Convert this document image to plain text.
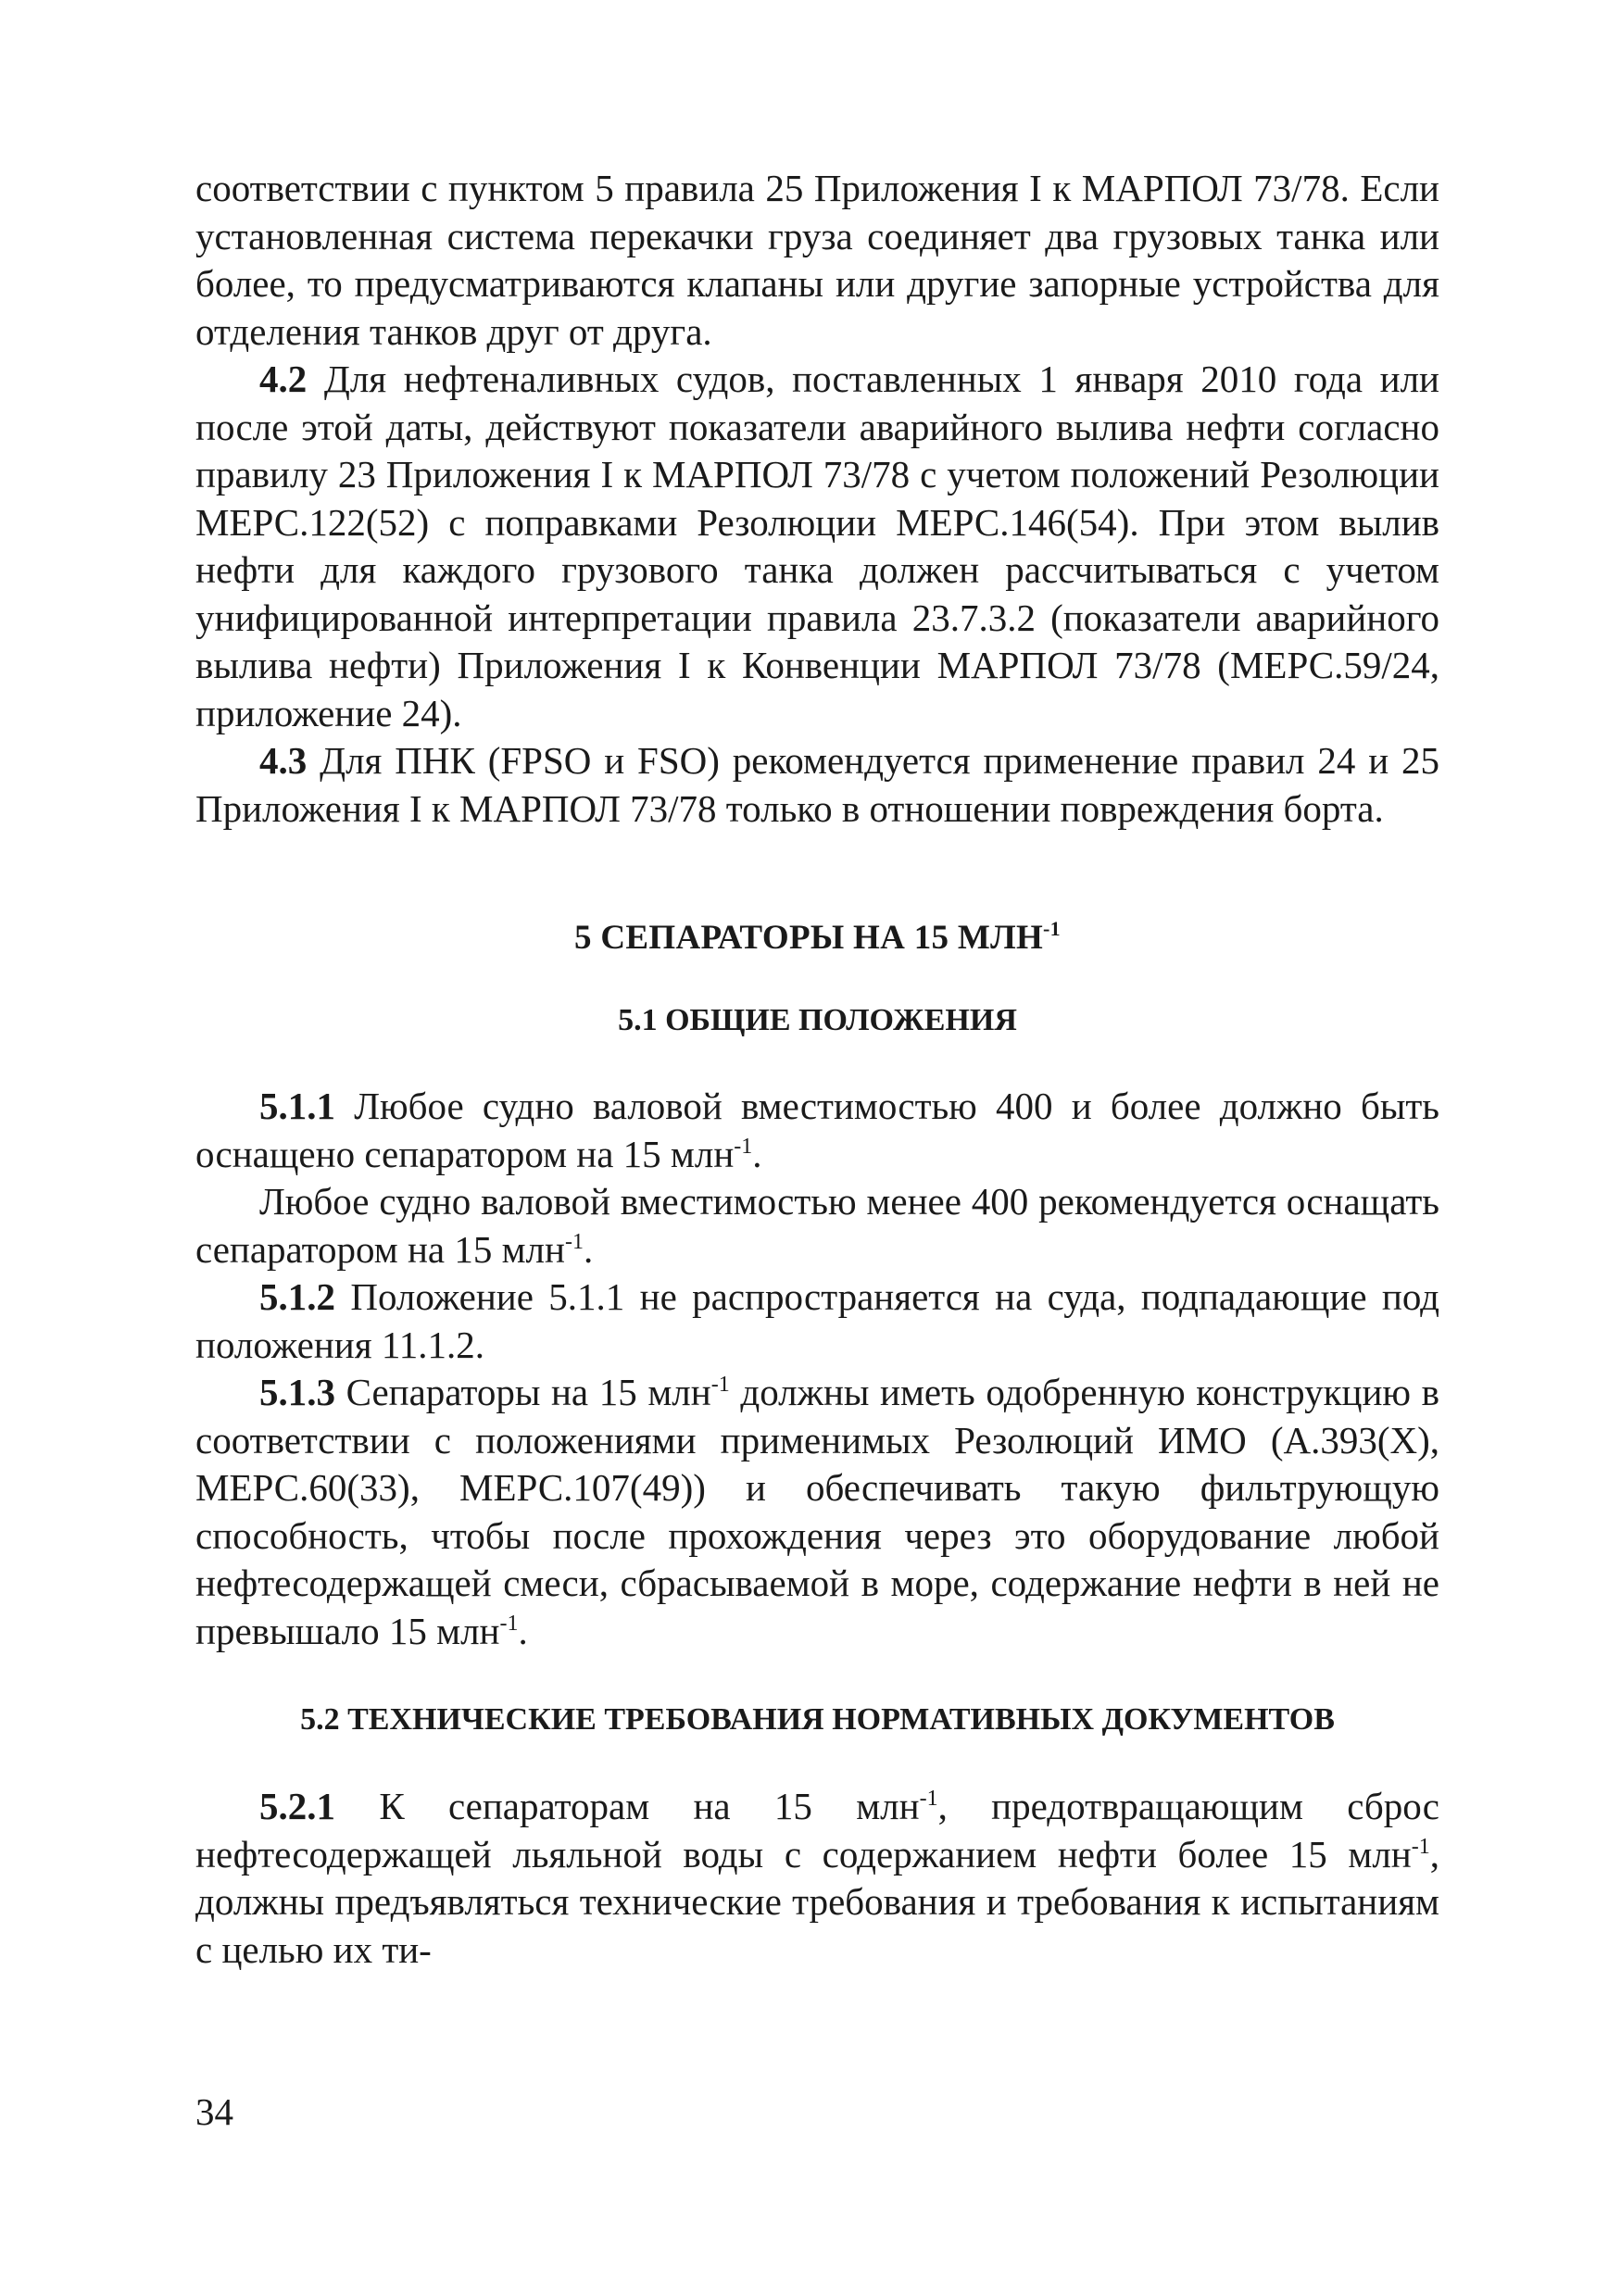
соответствии с пунктом 5 правила 25 Приложения I к МАРПОЛ 73/78. Если установленная система перекачки груза соединяет два грузовых танка или более, то предусматриваются клапаны или другие запорные устройства для отделения танков друг от друга.

4.2 Для нефтеналивных судов, поставленных 1 января 2010 года или после этой даты, действуют показатели аварийного вылива нефти согласно правилу 23 Приложения I к МАРПОЛ 73/78 с учетом положений Резолюции МЕРС.122(52) с поправками Резолюции МЕРС.146(54). При этом вылив нефти для каждого грузового танка должен рассчитываться с учетом унифицированной интерпретации правила 23.7.3.2 (показатели аварийного вылива нефти) Приложения I к Конвенции МАРПОЛ 73/78 (МЕРС.59/24, приложение 24).

4.3 Для ПНК (FPSO и FSO) рекомендуется применение правил 24 и 25 Приложения I к МАРПОЛ 73/78 только в отношении повреждения борта.

5 СЕПАРАТОРЫ НА 15 $МЛН^{-1}$
5.1 ОБЩИЕ ПОЛОЖЕНИЯ

5.1.1 Любое судно валовой вместимостью 400 и более должно быть оснащено сепаратором на 15 млн$^{-1}$.

Любое судно валовой вместимостью менее 400 рекомендуется оснащать сепаратором на 15 млн$^{-1}$.

5.1.2 Положение 5.1.1 не распространяется на суда, подпадающие под положения 11.1.2.

5.1.3 Сепараторы на 15 млн$^{-1}$ должны иметь одобренную конструкцию в соответствии с положениями применимых Резолюций ИМО (А.393(X), МЕРС.60(33), МЕРС.107(49)) и обеспечивать такую фильтрующую способность, чтобы после прохождения через это оборудование любой нефтесодержащей смеси, сбрасываемой в море, содержание нефти в ней не превышало 15 млн$^{-1}$.

5.2 ТЕХНИЧЕСКИЕ ТРЕБОВАНИЯ НОРМАТИВНЫХ ДОКУМЕНТОВ

5.2.1 К сепараторам на 15 млн$^{-1}$, предотвращающим сброс нефтесодержащей льяльной воды с содержанием нефти более 15 млн$^{-1}$, должны предъявляться технические требования и требования к испытаниям с целью их ти-

34
